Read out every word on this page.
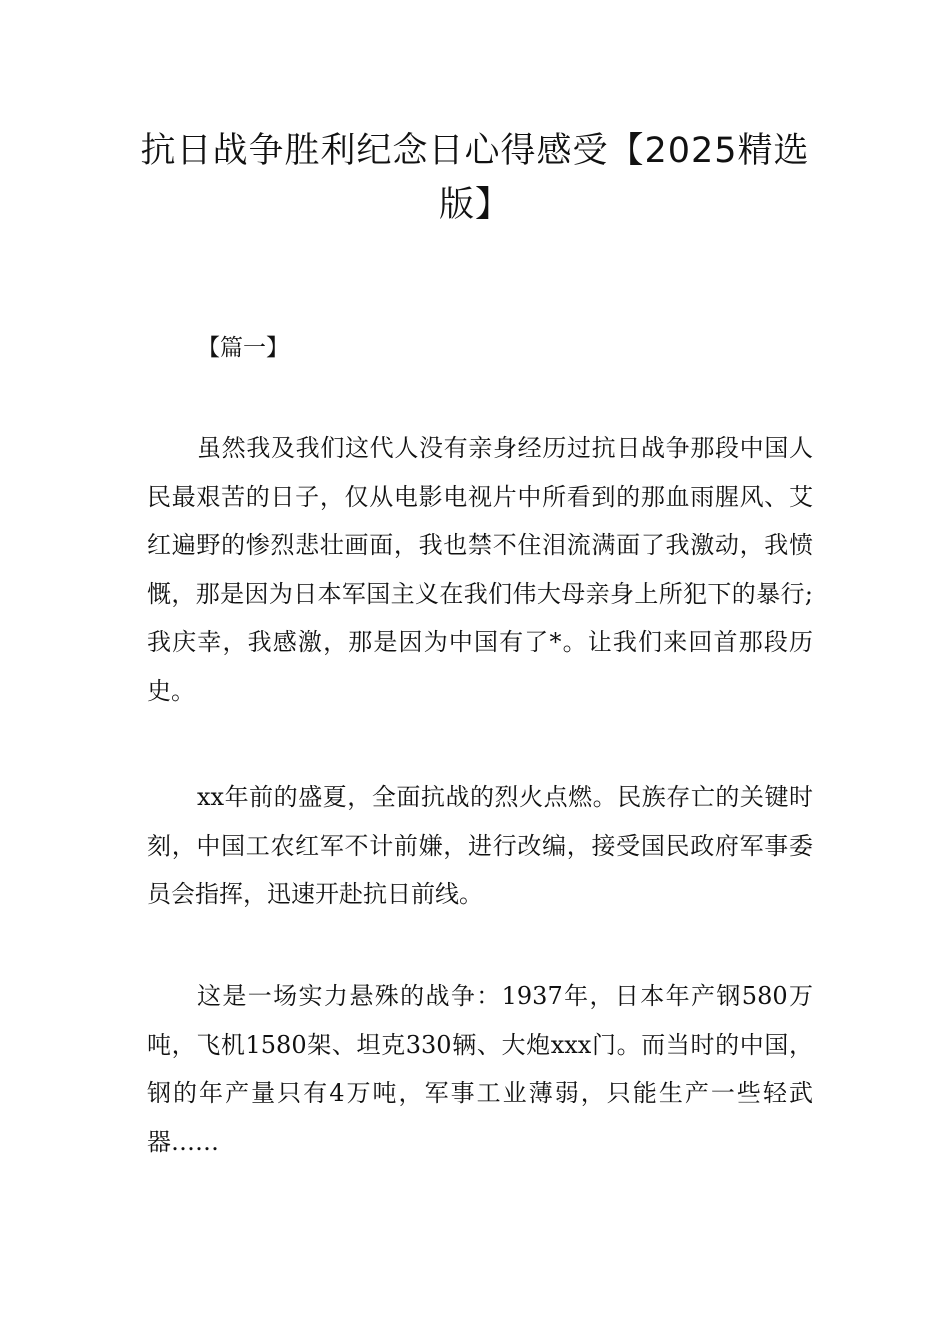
抗日战争胜利纪念日心得感受【2025精选版】

【篇一】

虽然我及我们这代人没有亲身经历过抗日战争那段中国人民最艰苦的日子，仅从电影电视片中所看到的那血雨腥风、艾红遍野的惨烈悲壮画面，我也禁不住泪流满面了我激动，我愤慨，那是因为日本军国主义在我们伟大母亲身上所犯下的暴行;我庆幸，我感激，那是因为中国有了*。让我们来回首那段历史。

xx年前的盛夏，全面抗战的烈火点燃。民族存亡的关键时刻，中国工农红军不计前嫌，进行改编，接受国民政府军事委员会指挥，迅速开赴抗日前线。

这是一场实力悬殊的战争：1937年，日本年产钢580万吨，飞机1580架、坦克330辆、大炮xxx门。而当时的中国，钢的年产量只有4万吨，军事工业薄弱，只能生产一些轻武器……
